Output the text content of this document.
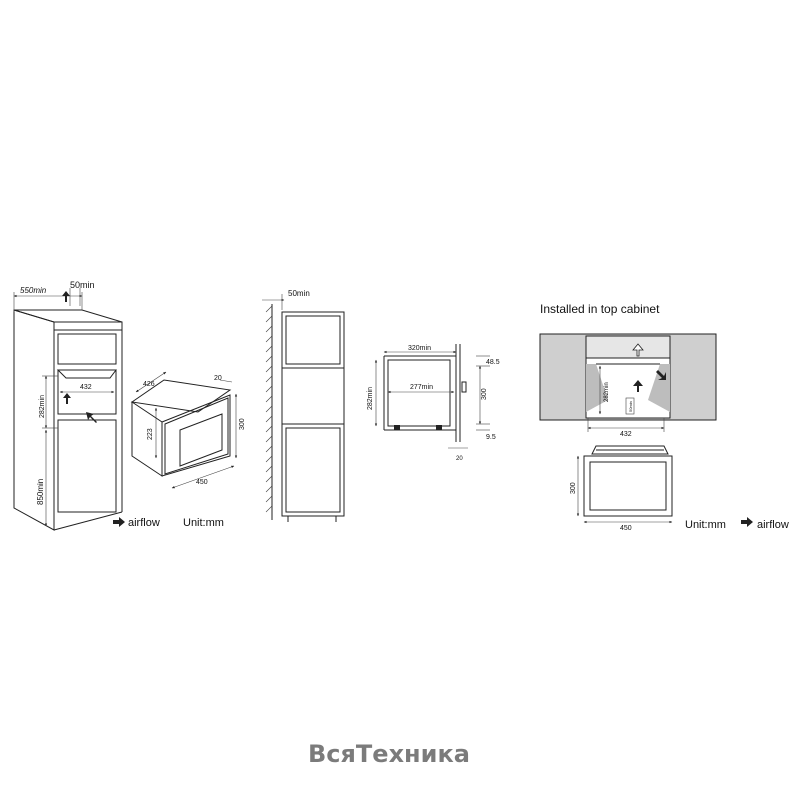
550min
50min
432
282min
850min
airflow Unit:mm
426
20
300
223
450
50min
320min
277min
282min	300
48.5
9.5
20
Installed in top cabinet
50min
282min
432
300
450	Unit:mm	airflow
ВсяТехника
